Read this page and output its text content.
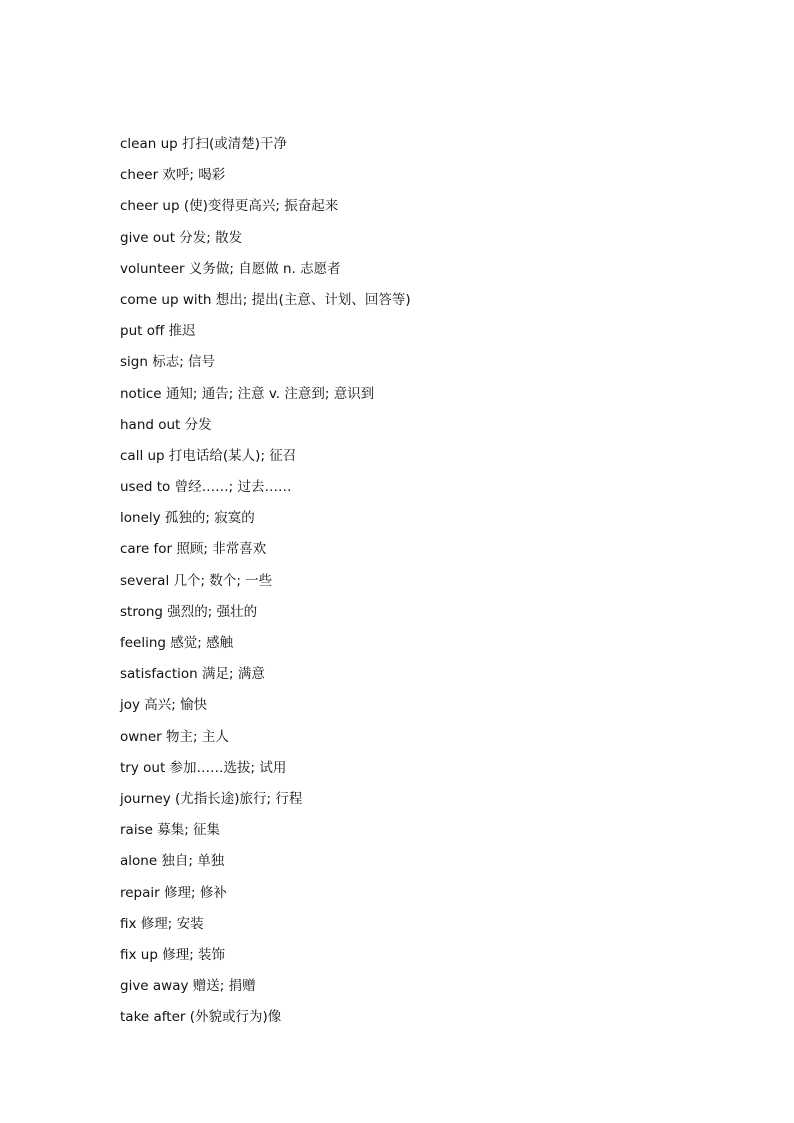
clean up 打扫(或清楚)干净
cheer 欢呼; 喝彩
cheer up (使)变得更高兴; 振奋起来
give out 分发; 散发
volunteer 义务做; 自愿做 n. 志愿者
come up with 想出; 提出(主意、计划、回答等)
put off 推迟
sign 标志; 信号
notice 通知; 通告; 注意 v. 注意到; 意识到
hand out 分发
call up 打电话给(某人); 征召
used to 曾经……; 过去……
lonely 孤独的; 寂寞的
care for 照顾; 非常喜欢
several 几个; 数个; 一些
strong 强烈的; 强壮的
feeling 感觉; 感触
satisfaction 满足; 满意
joy 高兴; 愉快
owner 物主; 主人
try out 参加……选拔; 试用
journey (尤指长途)旅行; 行程
raise 募集; 征集
alone 独自; 单独
repair 修理; 修补
fix 修理; 安装
fix up 修理; 装饰
give away 赠送; 捐赠
take after (外貌或行为)像
